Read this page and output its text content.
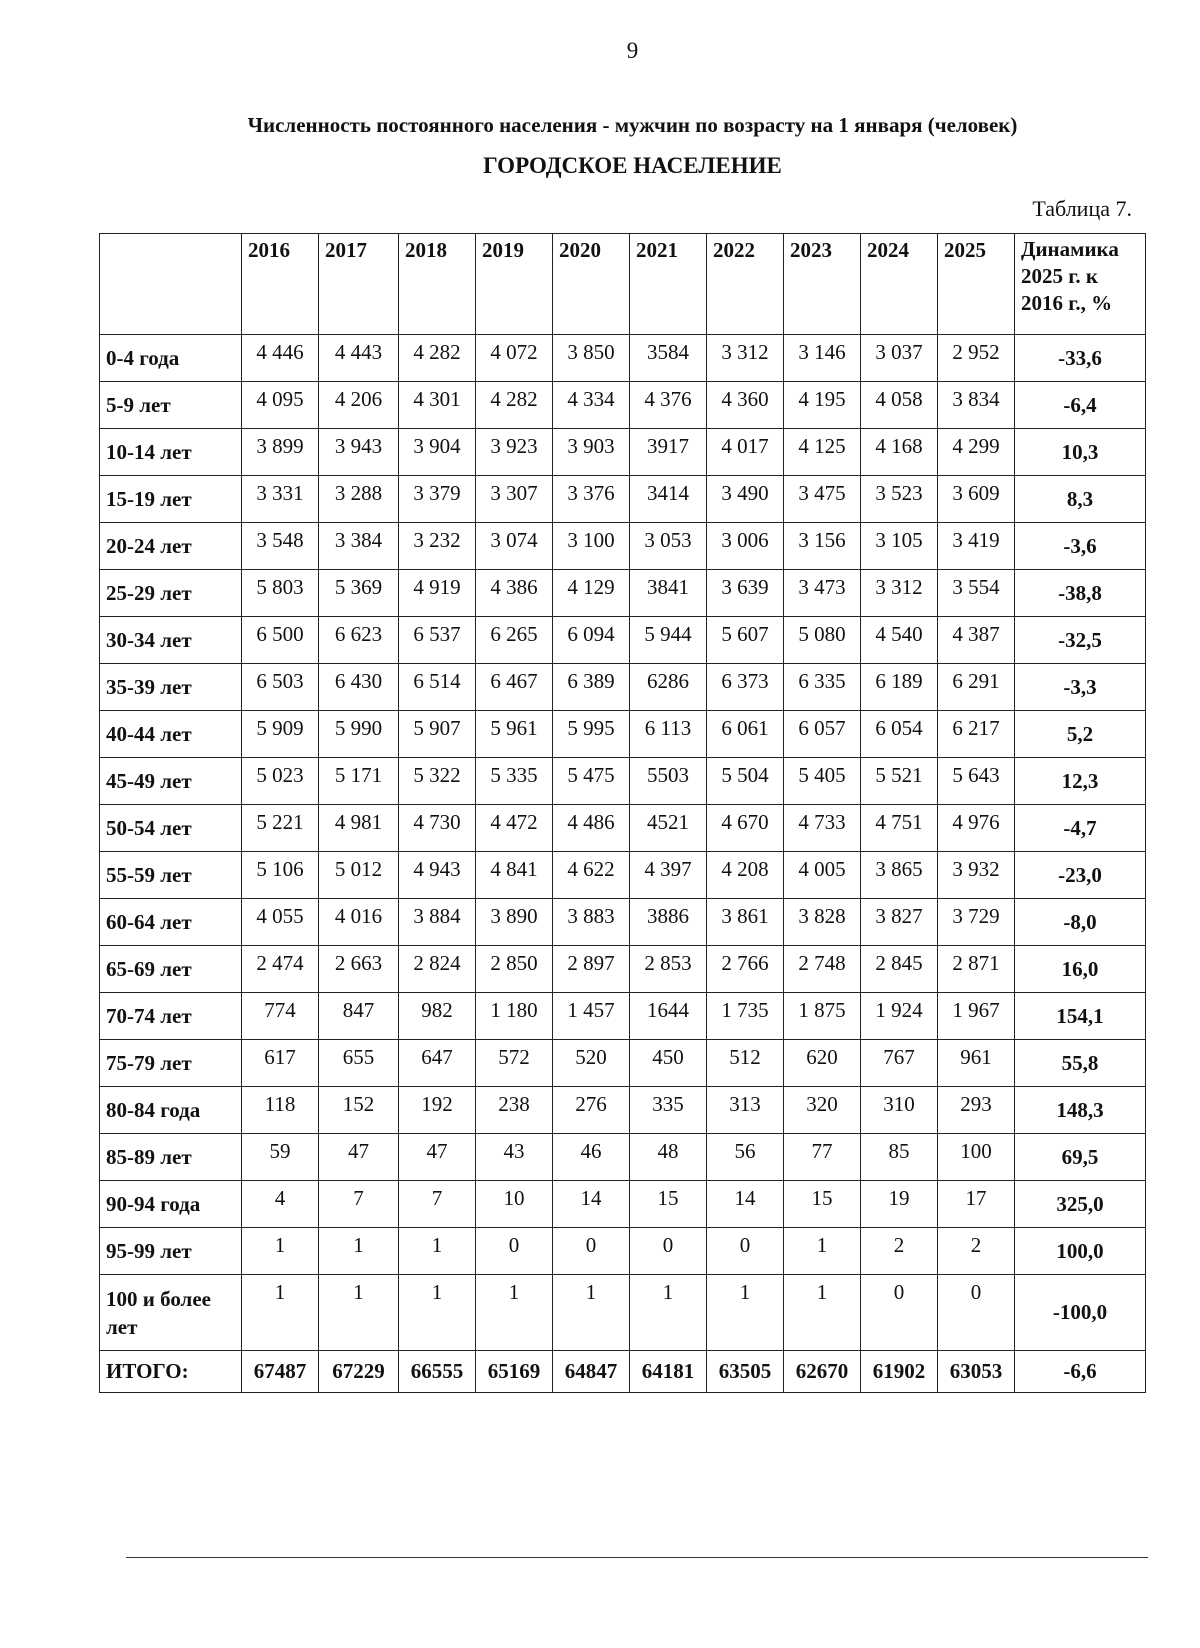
9
Численность постоянного населения - мужчин по возрасту на 1 января (человек)
ГОРОДСКОЕ НАСЕЛЕНИЕ
Таблица 7.
	2016	2017	2018	2019	2020	2021	2022	2023	2024	2025	Динамика 2025 г. к 2016 г., %
0-4 года	4 446	4 443	4 282	4 072	3 850	3584	3 312	3 146	3 037	2 952	-33,6
5-9 лет	4 095	4 206	4 301	4 282	4 334	4 376	4 360	4 195	4 058	3 834	-6,4
10-14 лет	3 899	3 943	3 904	3 923	3 903	3917	4 017	4 125	4 168	4 299	10,3
15-19 лет	3 331	3 288	3 379	3 307	3 376	3414	3 490	3 475	3 523	3 609	8,3
20-24 лет	3 548	3 384	3 232	3 074	3 100	3 053	3 006	3 156	3 105	3 419	-3,6
25-29 лет	5 803	5 369	4 919	4 386	4 129	3841	3 639	3 473	3 312	3 554	-38,8
30-34 лет	6 500	6 623	6 537	6 265	6 094	5 944	5 607	5 080	4 540	4 387	-32,5
35-39 лет	6 503	6 430	6 514	6 467	6 389	6286	6 373	6 335	6 189	6 291	-3,3
40-44 лет	5 909	5 990	5 907	5 961	5 995	6 113	6 061	6 057	6 054	6 217	5,2
45-49 лет	5 023	5 171	5 322	5 335	5 475	5503	5 504	5 405	5 521	5 643	12,3
50-54 лет	5 221	4 981	4 730	4 472	4 486	4521	4 670	4 733	4 751	4 976	-4,7
55-59 лет	5 106	5 012	4 943	4 841	4 622	4 397	4 208	4 005	3 865	3 932	-23,0
60-64 лет	4 055	4 016	3 884	3 890	3 883	3886	3 861	3 828	3 827	3 729	-8,0
65-69 лет	2 474	2 663	2 824	2 850	2 897	2 853	2 766	2 748	2 845	2 871	16,0
70-74 лет	774	847	982	1 180	1 457	1644	1 735	1 875	1 924	1 967	154,1
75-79 лет	617	655	647	572	520	450	512	620	767	961	55,8
80-84 года	118	152	192	238	276	335	313	320	310	293	148,3
85-89 лет	59	47	47	43	46	48	56	77	85	100	69,5
90-94 года	4	7	7	10	14	15	14	15	19	17	325,0
95-99 лет	1	1	1	0	0	0	0	1	2	2	100,0
100 и более лет	1	1	1	1	1	1	1	1	0	0	-100,0
ИТОГО:	67487	67229	66555	65169	64847	64181	63505	62670	61902	63053	-6,6
